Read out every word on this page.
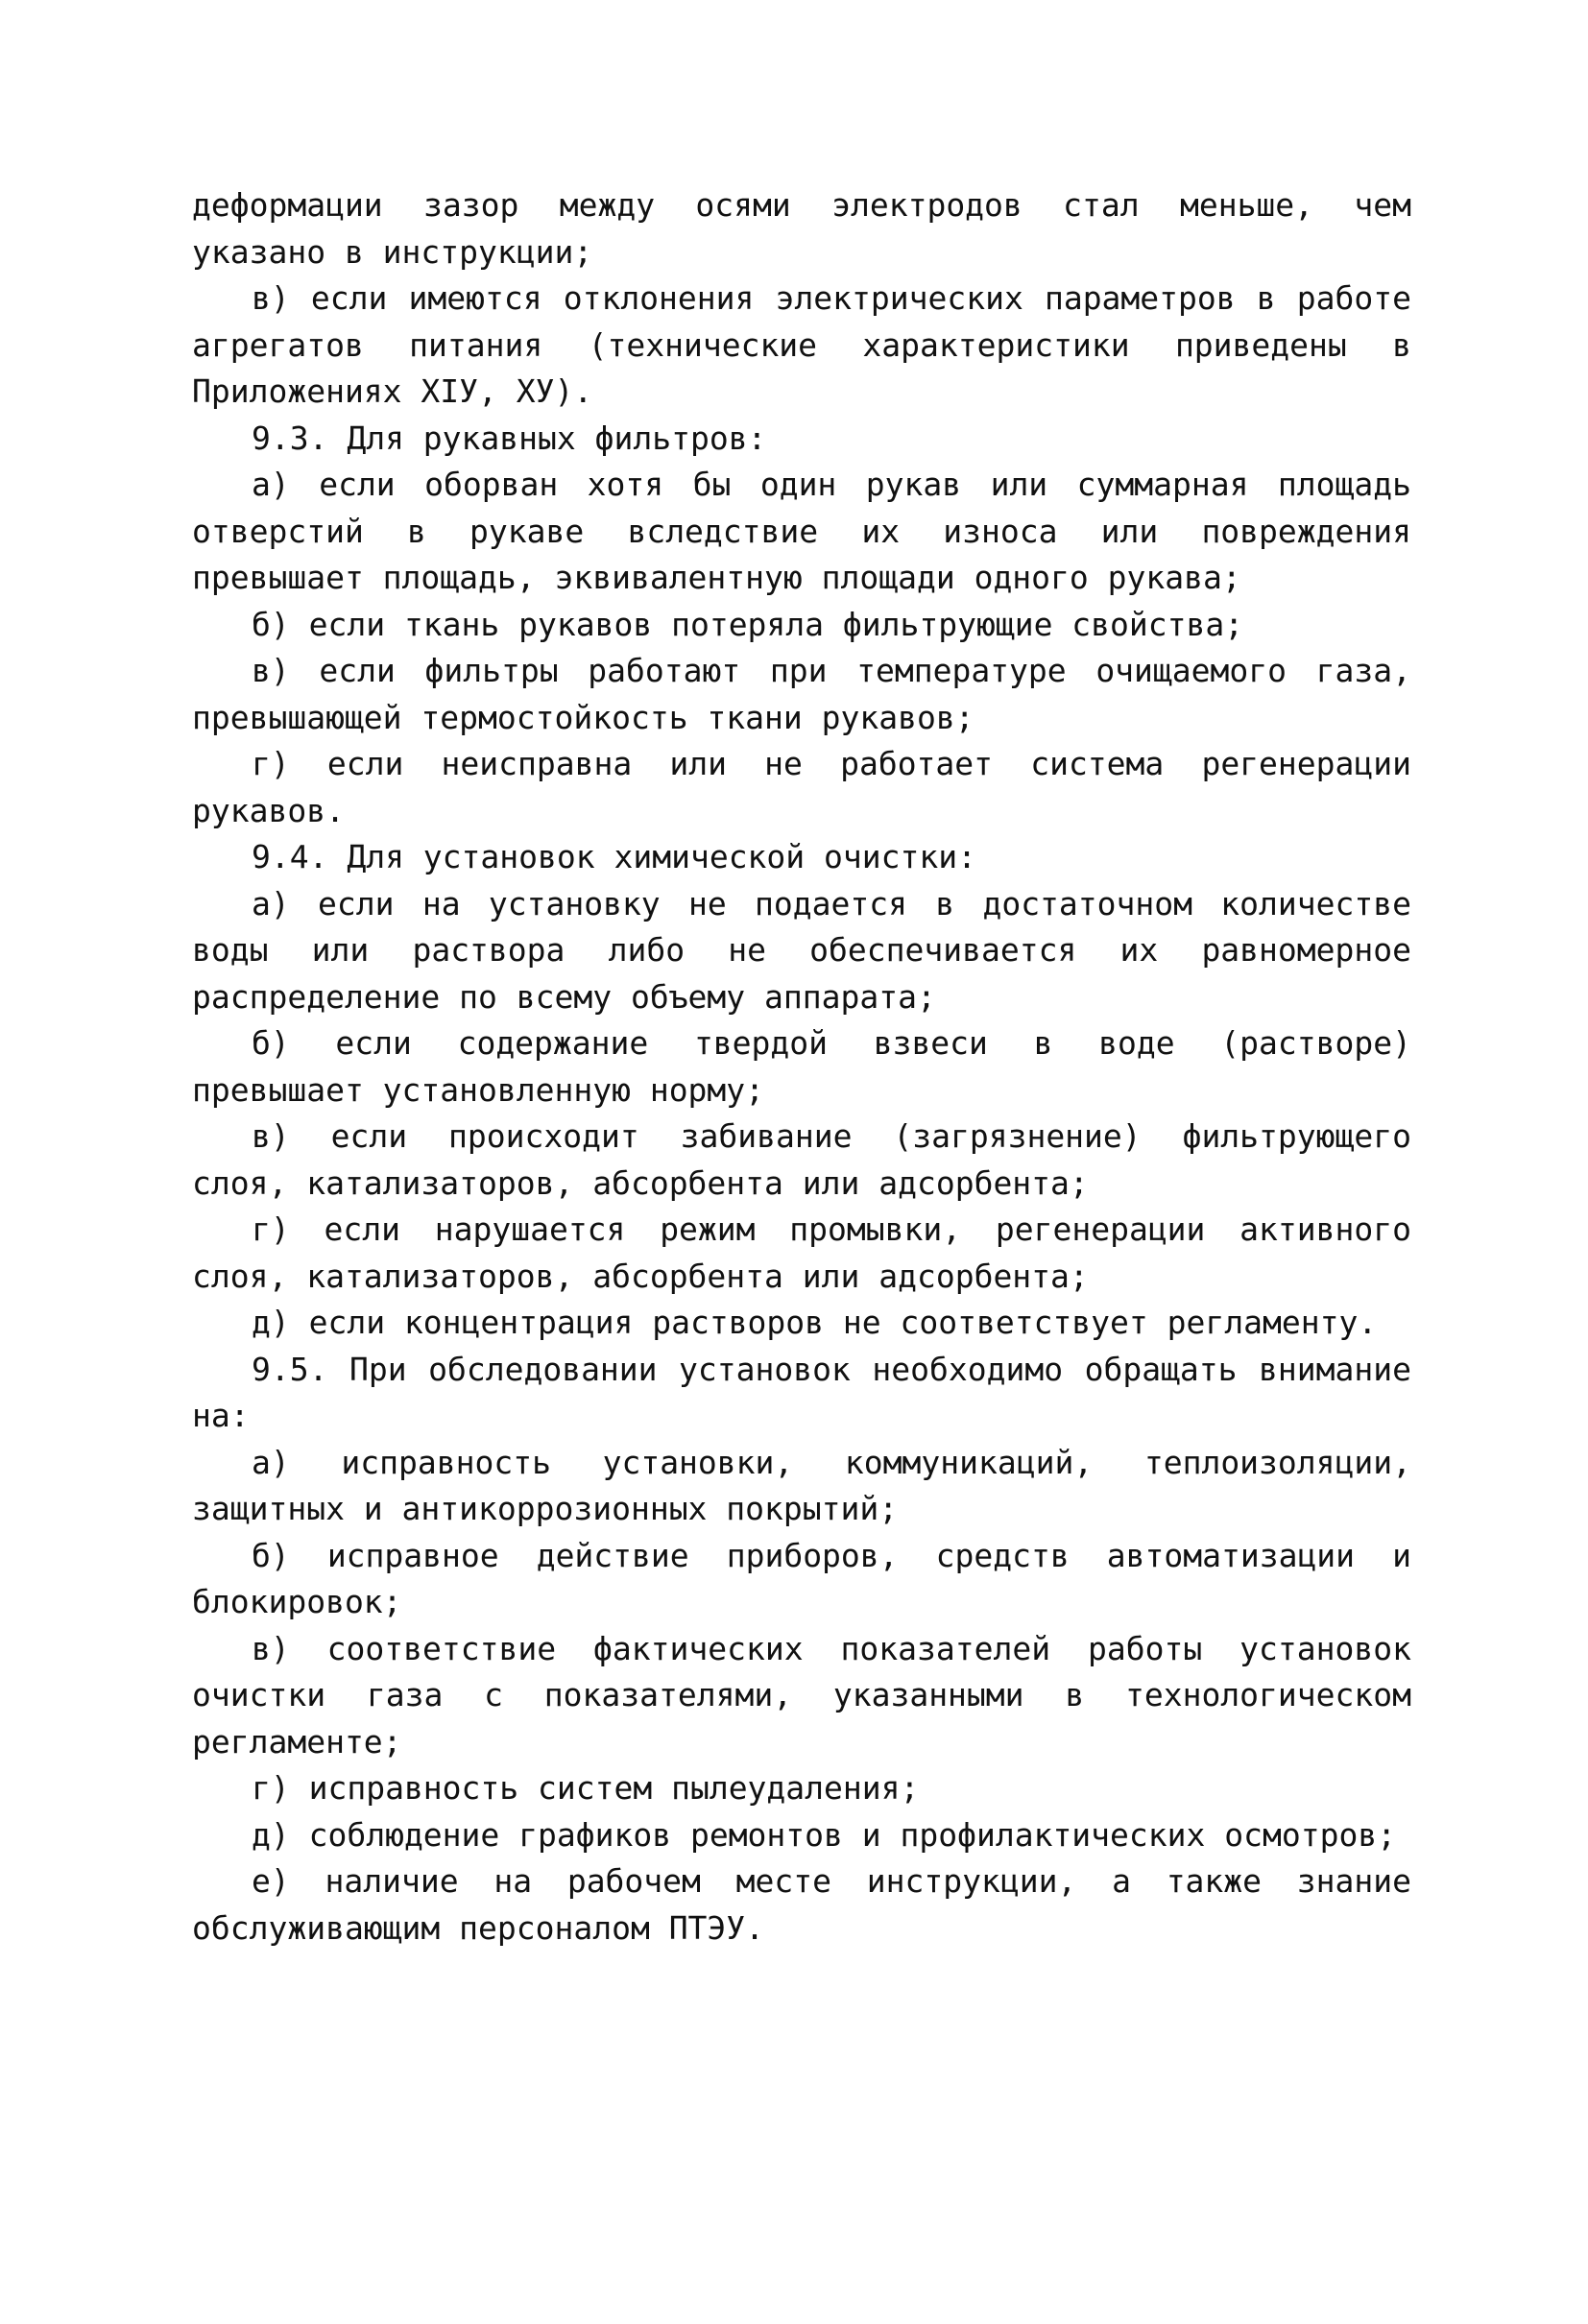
деформации зазор между осями электродов стал меньше, чем указано в инструкции;

в) если имеются отклонения электрических параметров в работе агрегатов питания (технические характеристики приведены в Приложениях XIУ, XУ).

9.3. Для рукавных фильтров:

а) если оборван хотя бы один рукав или суммарная площадь отверстий в рукаве вследствие их износа или повреждения превышает площадь, эквивалентную площади одного рукава;

б) если ткань рукавов потеряла фильтрующие свойства;

в) если фильтры работают при температуре очищаемого газа, превышающей термостойкость ткани рукавов;

г) если неисправна или не работает система регенерации рукавов.

9.4. Для установок химической очистки:

а) если на установку не подается в достаточном количестве воды или раствора либо не обеспечивается их равномерное распределение по всему объему аппарата;

б) если содержание твердой взвеси в воде (растворе) превышает установленную норму;

в) если происходит забивание (загрязнение) фильтрующего слоя, катализаторов, абсорбента или адсорбента;

г) если нарушается режим промывки, регенерации активного слоя, катализаторов, абсорбента или адсорбента;

д) если концентрация растворов не соответствует регламенту.

9.5. При обследовании установок необходимо обращать внимание на:

а) исправность установки, коммуникаций, теплоизоляции, защитных и антикоррозионных покрытий;

б) исправное действие приборов, средств автоматизации и блокировок;

в) соответствие фактических показателей работы установок очистки газа с показателями, указанными в технологическом регламенте;

г) исправность систем пылеудаления;

д) соблюдение графиков ремонтов и профилактических осмотров;

е) наличие на рабочем месте инструкции, а также знание обслуживающим персоналом ПТЭУ.
